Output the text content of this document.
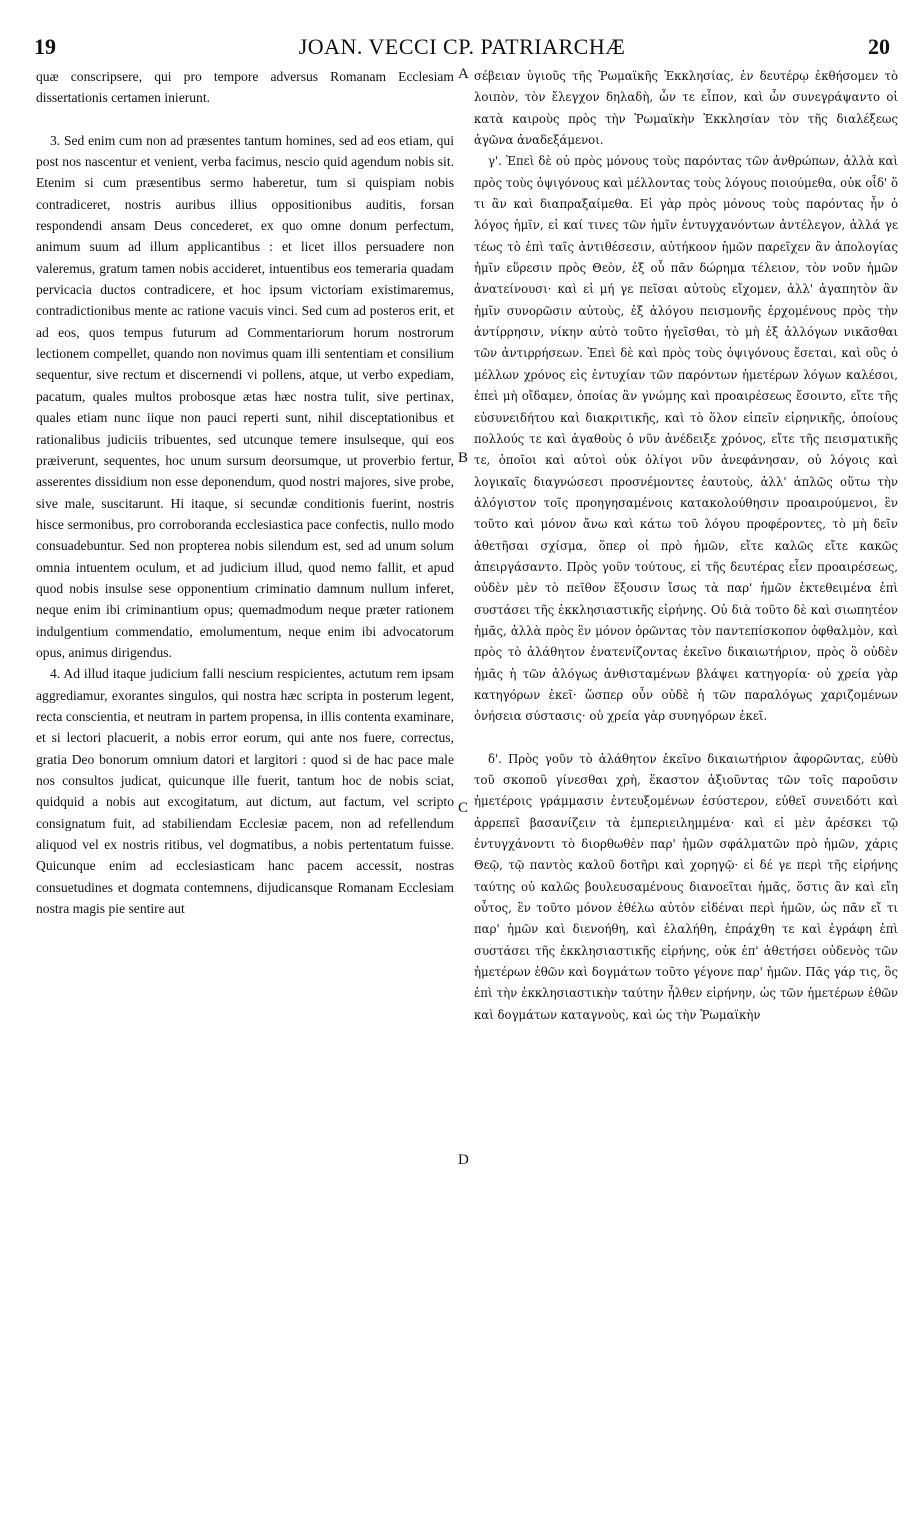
19	JOAN. VECCI CP. PATRIARCHÆ	20

quæ conscripsere, qui pro tempore adversus Romanam Ecclesiam dissertationis certamen inierunt.

3. Sed enim cum non ad præsentes tantum homines, sed ad eos etiam, qui post nos nascentur et venient, verba facimus, nescio quid agendum nobis sit. Etenim si cum præsentibus sermo haberetur, tum si quispiam nobis contradiceret, nostris auribus illius oppositionibus auditis, forsan respondendi ansam Deus concederet, ex quo omne donum perfectum, animum suum ad illum applicantibus : et licet illos persuadere non valeremus, gratum tamen nobis accideret, intuentibus eos temeraria quadam pervicacia ductos contradicere, et hoc ipsum victoriam existimaremus, contradictionibus mente ac ratione vacuis vinci. Sed cum ad posteros erit, et ad eos, quos tempus futurum ad Commentariorum horum nostrorum lectionem compellet, quando non novimus quam illi sententiam et consilium sequentur, sive rectum et discernendi vi pollens, atque, ut verbo expediam, pacatum, quales multos probosque ætas hæc nostra tulit, sive pertinax, quales etiam nunc iique non pauci reperti sunt, nihil disceptationibus et rationalibus judiciis tribuentes, sed utcunque temere insulseque, qui eos præiverunt, sequentes, hoc unum sursum deorsumque, ut proverbio fertur, asserentes dissidium non esse deponendum, quod nostri majores, sive probe, sive male, suscitarunt. Hi itaque, si secundæ conditionis fuerint, nostris hisce sermonibus, pro corroboranda ecclesiastica pace confectis, nullo modo consuadebuntur. Sed non propterea nobis silendum est, sed ad unum solum omnia intuentem oculum, et ad judicium illud, quod nemo fallit, et apud quod nobis insulse sese opponentium criminatio damnum nullum inferet, neque enim ibi criminantium opus; quemadmodum neque præter rationem indulgentium commendatio, emolumentum, neque enim ibi advocatorum opus, animus dirigendus.

4. Ad illud itaque judicium falli nescium respicientes, actutum rem ipsam aggrediamur, exorantes singulos, qui nostra hæc scripta in posterum legent, recta conscientia, et neutram in partem propensa, in illis contenta examinare, et si lectori placuerit, a nobis error eorum, qui ante nos fuere, correctus, gratia Deo bonorum omnium datori et largitori : quod si de hac pace male nos consultos judicat, quicunque ille fuerit, tantum hoc de nobis sciat, quidquid a nobis aut excogitatum, aut dictum, aut factum, vel scripto consignatum fuit, ad stabiliendam Ecclesiæ pacem, non ad refellendum aliquod vel ex nostris ritibus, vel dogmatibus, a nobis pertentatum fuisse. Quicunque enim ad ecclesiasticam hanc pacem accessit, nostras consuetudines et dogmata contemnens, dijudicansque Romanam Ecclesiam nostra magis pie sentire aut

A
B
C
D

σέβειαν ὑγιοῦς τῆς Ῥωμαϊκῆς Ἐκκλησίας, ἐν δευτέρῳ ἐκθήσομεν τὸ λοιπὸν, τὸν ἔλεγχον δηλαδὴ, ὧν τε εἶπον, καὶ ὧν συνεγράψαντο οἱ κατὰ καιροὺς πρὸς τὴν Ῥωμαϊκὴν Ἐκκλησίαν τὸν τῆς διαλέξεως ἀγῶνα ἀναδεξάμενοι.

γ'. Ἐπεὶ δὲ οὐ πρὸς μόνους τοὺς παρόντας τῶν ἀνθρώπων, ἀλλὰ καὶ πρὸς τοὺς ὀψιγόνους καὶ μέλλοντας τοὺς λόγους ποιούμεθα, οὐκ οἶδ' ὅ τι ἂν καὶ διαπραξαίμεθα. Εἰ γὰρ πρὸς μόνους τοὺς παρόντας ἦν ὁ λόγος ἡμῖν, εἰ καί τινες τῶν ἡμῖν ἐντυγχανόντων ἀντέλεγον, ἀλλά γε τέως τὸ ἐπὶ ταῖς ἀντιθέσεσιν, αὐτήκοον ἡμῶν παρεῖχεν ἂν ἀπολογίας ἡμῖν εὕρεσιν πρὸς Θεὸν, ἐξ οὗ πᾶν δώρημα τέλειον, τὸν νοῦν ἡμῶν ἀνατείνουσι· καὶ εἰ μή γε πεῖσαι αὐτοὺς εἴχομεν, ἀλλ' ἀγαπητὸν ἂν ἡμῖν συνορῶσιν αὐτοὺς, ἐξ ἀλόγου πεισμονῆς ἐρχομένους πρὸς τὴν ἀντίρρησιν, νίκην αὐτὸ τοῦτο ἡγεῖσθαι, τὸ μὴ ἐξ ἀλλόγων νικᾶσθαι τῶν ἀντιρρήσεων. Ἐπεὶ δὲ καὶ πρὸς τοὺς ὀψιγόνους ἔσεται, καὶ οὓς ὁ μέλλων χρόνος εἰς ἐντυχίαν τῶν παρόντων ἡμετέρων λόγων καλέσοι, ἐπεὶ μὴ οἴδαμεν, ὁποίας ἂν γνώμης καὶ προαιρέσεως ἔσοιντο, εἴτε τῆς εὐσυνειδήτου καὶ διακριτικῆς, καὶ τὸ ὅλον εἰπεῖν εἰρηνικῆς, ὁποίους πολλούς τε καὶ ἀγαθοὺς ὁ νῦν ἀνέδειξε χρόνος, εἴτε τῆς πεισματικῆς τε, ὁποῖοι καὶ αὐτοὶ οὐκ ὀλίγοι νῦν ἀνεφάνησαν, οὐ λόγοις καὶ λογικαῖς διαγνώσεσι προσνέμοντες ἑαυτοὺς, ἀλλ' ἁπλῶς οὕτω τὴν ἀλόγιστον τοῖς προηγησαμένοις κατακολούθησιν προαιρούμενοι, ἓν τοῦτο καὶ μόνον ἄνω καὶ κάτω τοῦ λόγου προφέροντες, τὸ μὴ δεῖν ἀθετῆσαι σχίσμα, ὅπερ οἱ πρὸ ἡμῶν, εἴτε καλῶς εἴτε κακῶς ἀπειργάσαντο. Πρὸς γοῦν τούτους, εἰ τῆς δευτέρας εἶεν προαιρέσεως, οὐδὲν μὲν τὸ πεῖθον ἕξουσιν ἴσως τὰ παρ' ἡμῶν ἐκτεθειμένα ἐπὶ συστάσει τῆς ἐκκλησιαστικῆς εἰρήνης. Οὐ διὰ τοῦτο δὲ καὶ σιωπητέον ἡμᾶς, ἀλλὰ πρὸς ἓν μόνον ὁρῶντας τὸν παντεπίσκοπον ὀφθαλμὸν, καὶ πρὸς τὸ ἀλάθητον ἐνατενίζοντας ἐκεῖνο δικαιωτήριον, πρὸς ὃ οὐδὲν ἡμᾶς ἡ τῶν ἀλόγως ἀνθισταμένων βλάψει κατηγορία· οὐ χρεία γὰρ κατηγόρων ἐκεῖ· ὥσπερ οὖν οὐδὲ ἡ τῶν παραλόγως χαριζομένων ὀνήσεια σύστασις· οὐ χρεία γὰρ συνηγόρων ἐκεῖ.

δ'. Πρὸς γοῦν τὸ ἀλάθητον ἐκεῖνο δικαιωτήριον ἀφορῶντας, εὐθὺ τοῦ σκοποῦ γίνεσθαι χρὴ, ἕκαστον ἀξιοῦντας τῶν τοῖς παροῦσιν ἡμετέροις γράμμασιν ἐντευξομένων ἐσύστερον, εὐθεῖ συνειδότι καὶ ἀρρεπεῖ βασανίζειν τὰ ἐμπεριειλημμένα· καὶ εἰ μὲν ἀρέσκει τῷ ἐντυγχάνοντι τὸ διορθωθὲν παρ' ἡμῶν σφάλματῶν πρὸ ἡμῶν, χάρις Θεῷ, τῷ παντὸς καλοῦ δοτῆρι καὶ χορηγῷ· εἰ δέ γε περὶ τῆς εἰρήνης ταύτης οὐ καλῶς βουλευσαμένους διανοεῖται ἡμᾶς, ὅστις ἂν καὶ εἴη οὗτος, ἓν τοῦτο μόνον ἐθέλω αὐτὸν εἰδέναι περὶ ἡμῶν, ὡς πᾶν εἴ τι παρ' ἡμῶν καὶ διενοήθη, καὶ ἐλαλήθη, ἐπράχθη τε καὶ ἐγράφη ἐπὶ συστάσει τῆς ἐκκλησιαστικῆς εἰρήνης, οὐκ ἐπ' ἀθετήσει οὐδενὸς τῶν ἡμετέρων ἐθῶν καὶ δογμάτων τοῦτο γέγονε παρ' ἡμῶν. Πᾶς γάρ τις, ὃς ἐπὶ τὴν ἐκκλησιαστικὴν ταύτην ἦλθεν εἰρήνην, ὡς τῶν ἡμετέρων ἐθῶν καὶ δογμάτων καταγνοὺς, καὶ ὡς τὴν Ῥωμαϊκὴν
